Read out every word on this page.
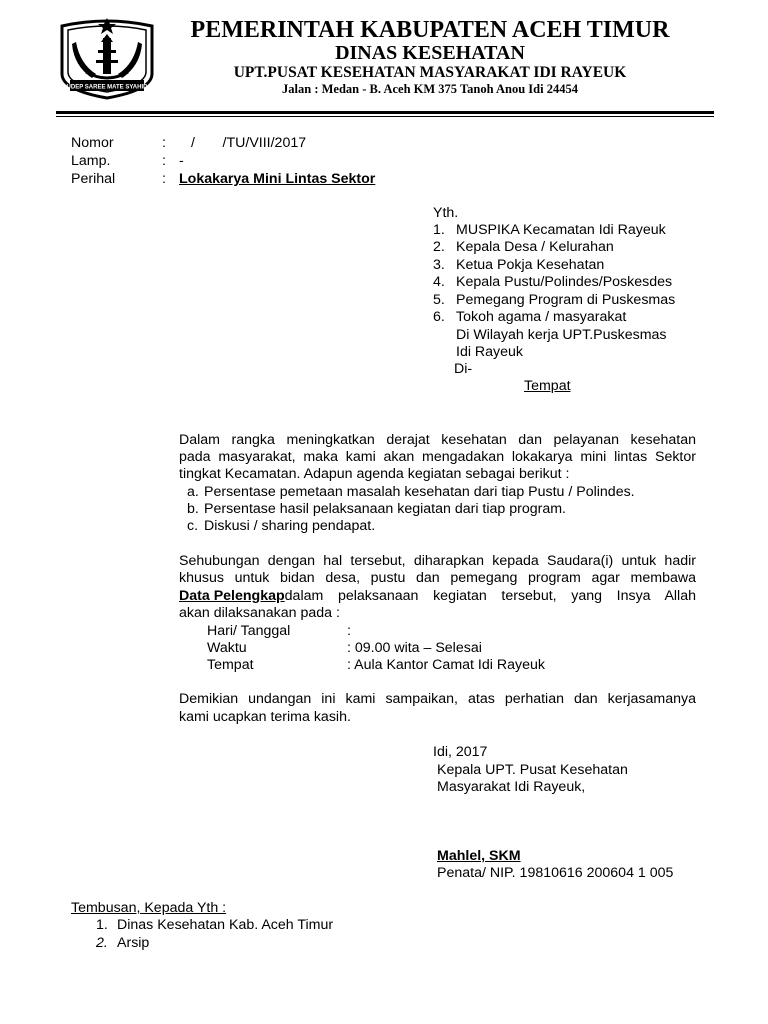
UDEP SAREE MATE SYAHID
PEMERINTAH KABUPATEN ACEH TIMUR
DINAS KESEHATAN
UPT.PUSAT KESEHATAN MASYARAKAT IDI RAYEUK
Jalan : Medan - B. Aceh KM 375 Tanoh Anou Idi 24454
Nomor	: /       /TU/VIII/2017
Lamp.	: -
Perihal	: Lokakarya Mini Lintas Sektor
Yth.
1. MUSPIKA Kecamatan Idi Rayeuk
2. Kepala Desa / Kelurahan
3. Ketua Pokja Kesehatan
4. Kepala Pustu/Polindes/Poskesdes
5. Pemegang Program di Puskesmas
6. Tokoh agama / masyarakat
Di Wilayah kerja UPT.Puskesmas
Idi Rayeuk
Di-
Tempat
Dalam rangka meningkatkan derajat kesehatan dan pelayanan kesehatan
pada masyarakat, maka kami akan mengadakan lokakarya mini lintas Sektor
tingkat Kecamatan. Adapun agenda kegiatan sebagai berikut :
a. Persentase pemetaan masalah kesehatan dari tiap Pustu / Polindes.
b. Persentase hasil pelaksanaan kegiatan dari tiap program.
c. Diskusi / sharing pendapat.
Sehubungan dengan hal tersebut, diharapkan kepada Saudara(i) untuk hadir
khusus untuk bidan desa, pustu dan pemegang program agar membawa
Data Pelengkap dalam pelaksanaan kegiatan tersebut, yang Insya Allah
akan dilaksanakan pada :
Hari/ Tanggal	:
Waktu	: 09.00 wita – Selesai
Tempat	: Aula Kantor Camat Idi Rayeuk
Demikian undangan ini kami sampaikan, atas perhatian dan kerjasamanya
kami ucapkan terima kasih.
Idi, 2017
Kepala UPT. Pusat Kesehatan
Masyarakat Idi Rayeuk,
Mahlel, SKM
Penata/ NIP. 19810616 200604 1 005
Tembusan, Kepada Yth :
1. Dinas Kesehatan Kab. Aceh Timur
2. Arsip
